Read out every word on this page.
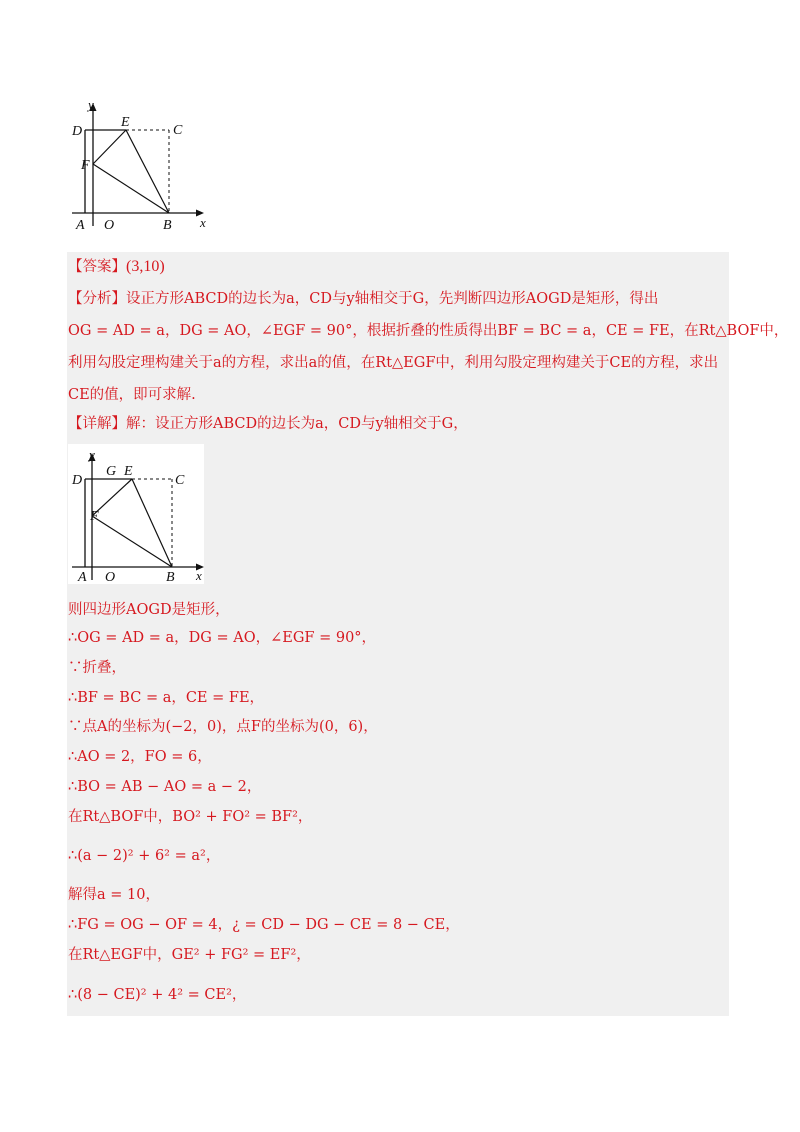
y
x
D
E
C
F
A O	B
【答案】(3,10)
【分析】设正方形ABCD的边长为a，CD与y轴相交于G，先判断四边形AOGD是矩形，得出
OG = AD = a，DG = AO，∠EGF = 90°，根据折叠的性质得出BF = BC = a，CE = FE，在Rt△BOF中，
利用勾股定理构建关于a的方程，求出a的值，在Rt△EGF中，利用勾股定理构建关于CE的方程，求出
CE的值，即可求解.
【详解】解：设正方形ABCD的边长为a，CD与y轴相交于G，
y
x
D
G E
C
F
A O	B
则四边形AOGD是矩形，
∴OG = AD = a，DG = AO，∠EGF = 90°，
∵折叠，
∴BF = BC = a，CE = FE，
∵点A的坐标为(−2，0)，点F的坐标为(0，6)，
∴AO = 2，FO = 6，
∴BO = AB − AO = a − 2，
在Rt△BOF中，BO² + FO² = BF²，
∴(a − 2)² + 6² = a²，
解得a = 10，
∴FG = OG − OF = 4，¿ = CD − DG − CE = 8 − CE，
在Rt△EGF中，GE² + FG² = EF²，
∴(8 − CE)² + 4² = CE²，
